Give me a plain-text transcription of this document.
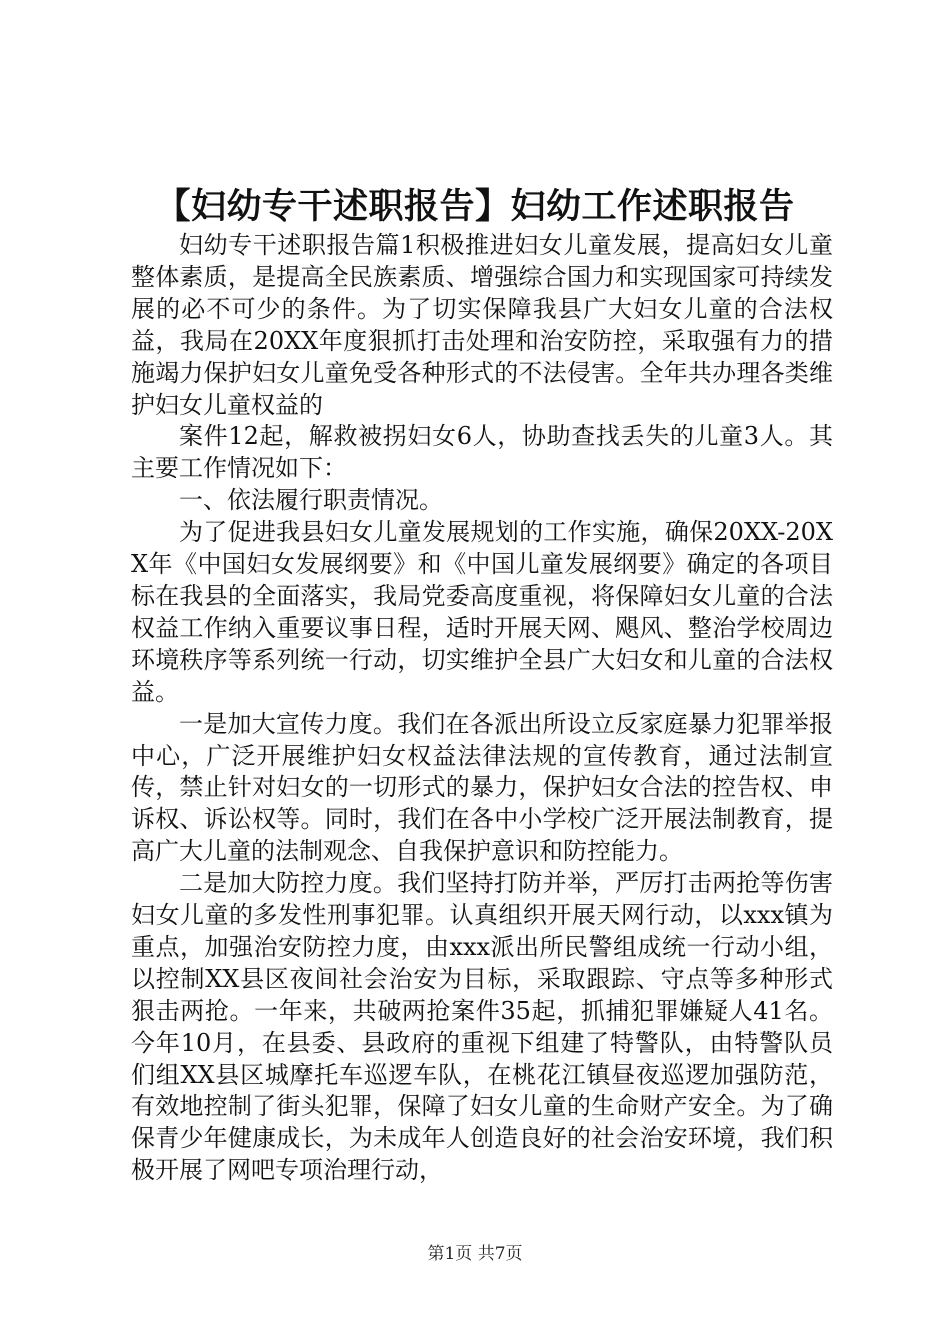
【妇幼专干述职报告】妇幼工作述职报告

妇幼专干述职报告篇1积极推进妇女儿童发展，提高妇女儿童整体素质，是提高全民族素质、增强综合国力和实现国家可持续发展的必不可少的条件。为了切实保障我县广大妇女儿童的合法权益，我局在20XX年度狠抓打击处理和治安防控，采取强有力的措施竭力保护妇女儿童免受各种形式的不法侵害。全年共办理各类维护妇女儿童权益的

案件12起，解救被拐妇女6人，协助查找丢失的儿童3人。其主要工作情况如下：

一、依法履行职责情况。

为了促进我县妇女儿童发展规划的工作实施，确保20XX-20XX年《中国妇女发展纲要》和《中国儿童发展纲要》确定的各项目标在我县的全面落实，我局党委高度重视，将保障妇女儿童的合法权益工作纳入重要议事日程，适时开展天网、飓风、整治学校周边环境秩序等系列统一行动，切实维护全县广大妇女和儿童的合法权益。

一是加大宣传力度。我们在各派出所设立反家庭暴力犯罪举报中心，广泛开展维护妇女权益法律法规的宣传教育，通过法制宣传，禁止针对妇女的一切形式的暴力，保护妇女合法的控告权、申诉权、诉讼权等。同时，我们在各中小学校广泛开展法制教育，提高广大儿童的法制观念、自我保护意识和防控能力。

二是加大防控力度。我们坚持打防并举，严厉打击两抢等伤害妇女儿童的多发性刑事犯罪。认真组织开展天网行动，以xxx镇为重点，加强治安防控力度，由xxx派出所民警组成统一行动小组，以控制XX县区夜间社会治安为目标，采取跟踪、守点等多种形式狠击两抢。一年来，共破两抢案件35起，抓捕犯罪嫌疑人41名。今年10月，在县委、县政府的重视下组建了特警队，由特警队员们组XX县区城摩托车巡逻车队，在桃花江镇昼夜巡逻加强防范，有效地控制了街头犯罪，保障了妇女儿童的生命财产安全。为了确保青少年健康成长，为未成年人创造良好的社会治安环境，我们积极开展了网吧专项治理行动，

第1页 共7页
